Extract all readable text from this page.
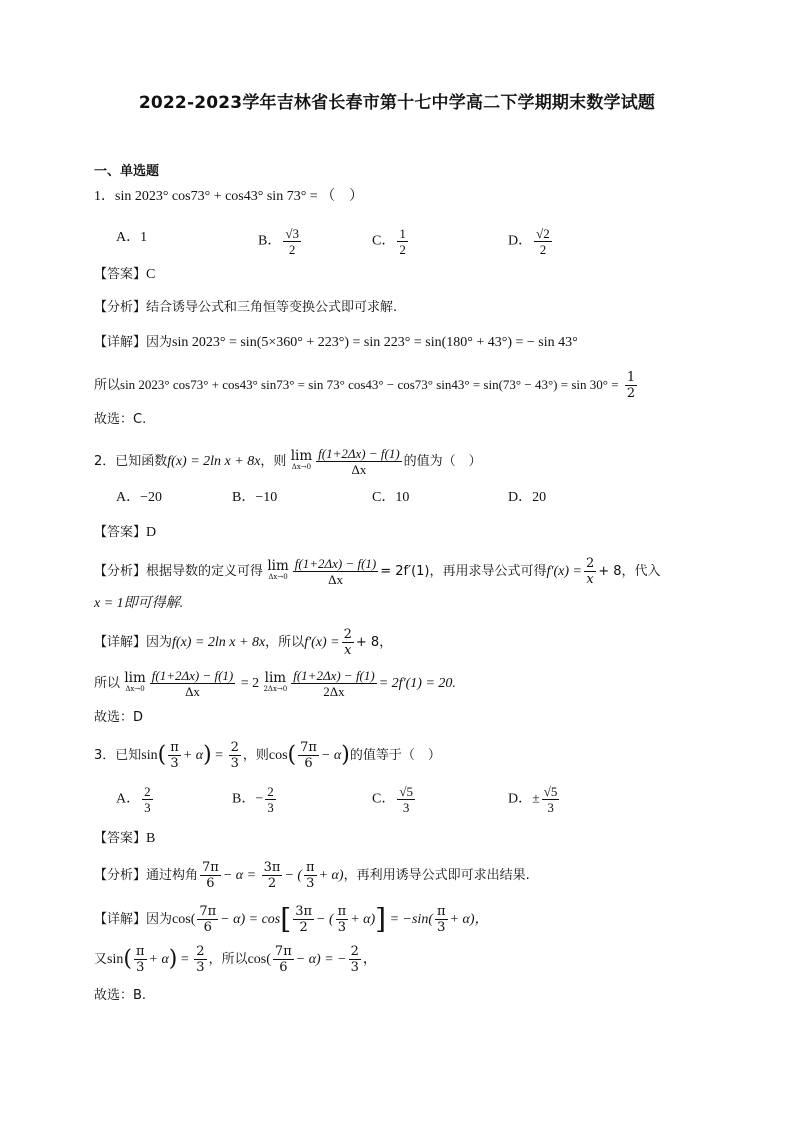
2022-2023学年吉林省长春市第十七中学高二下学期期末数学试题
一、单选题
1．sin 2023° cos73° + cos43° sin 73° = （　）
A．1	B． $\frac{√3}{2}$	C． $\frac{1}{2}$	D． $\frac{√2}{2}$
【答案】C
【分析】结合诱导公式和三角恒等变换公式即可求解.
【详解】因为sin 2023° = sin(5×360° + 223°) = sin 223° = sin(180° + 43°) = − sin 43°
所以sin 2023° cos73° + cos43° sin73° = sin 73° cos43° − cos73° $\sin 43^\circ = \sin(73^\circ - 43^\circ) = \sin 30^\circ = \frac{1}{2}$
故选：C.
2．已知函数f(x) = 2ln x + 8x，则 lim
$\Delta x\to 0 \frac{f(1+2\Delta x) - f(1)}{\Delta x}$ 的值为（　）
A．−20	B．−10	C．10	D．20
【答案】D
【分析】根据导数的定义可得 lim
$\Delta x\to 0 \frac{f(1+2\Delta x) - f(1)}{\Delta x} = 2f'(1)$，再用求导公式可得$f'(x) = \frac{2}{x} + 8$，代入
x = 1即可得解.
【详解】因为f(x) = 2ln x + 8x，所以$f'(x) = \frac{2}{x} + 8$，
所以 lim
$\Delta x\to 0 \frac{f(1+2\Delta x) - f(1)}{\Delta x} = 2$ lim
$2\Delta x\to 0 \frac{f(1+2\Delta x) - f(1)}{2\Delta x} = 2f'(1) = 20$.
故选：D
3．已知$\sin( \frac{\pi}{3} + \alpha) = \frac{2}{3}$ ，则$\cos( \frac{7\pi}{6} - \alpha)$的值等于（　）
A． $\frac{2}{3}$	B．− $\frac{2}{3}$	C． $\frac{√5}{3}$	D．± $\frac{√5}{3}$
【答案】B
【分析】通过构角 $\frac{7\pi}{6} - \alpha = \frac{3\pi}{2}$ − ( $\frac{\pi}{3} + \alpha$)，再利用诱导公式即可求出结果.
【详解】因为$\cos( \frac{7\pi}{6} - \alpha) = \cos[ \frac{3\pi}{2}$ − ( $\frac{\pi}{3} + \alpha)] = -\sin( \frac{\pi}{3} + \alpha)$，
又$\sin( \frac{\pi}{3} + \alpha) = \frac{2}{3}$ ，所以$\cos( \frac{7\pi}{6} - \alpha)$ = − $\frac{2}{3}$ ，
故选：B.
